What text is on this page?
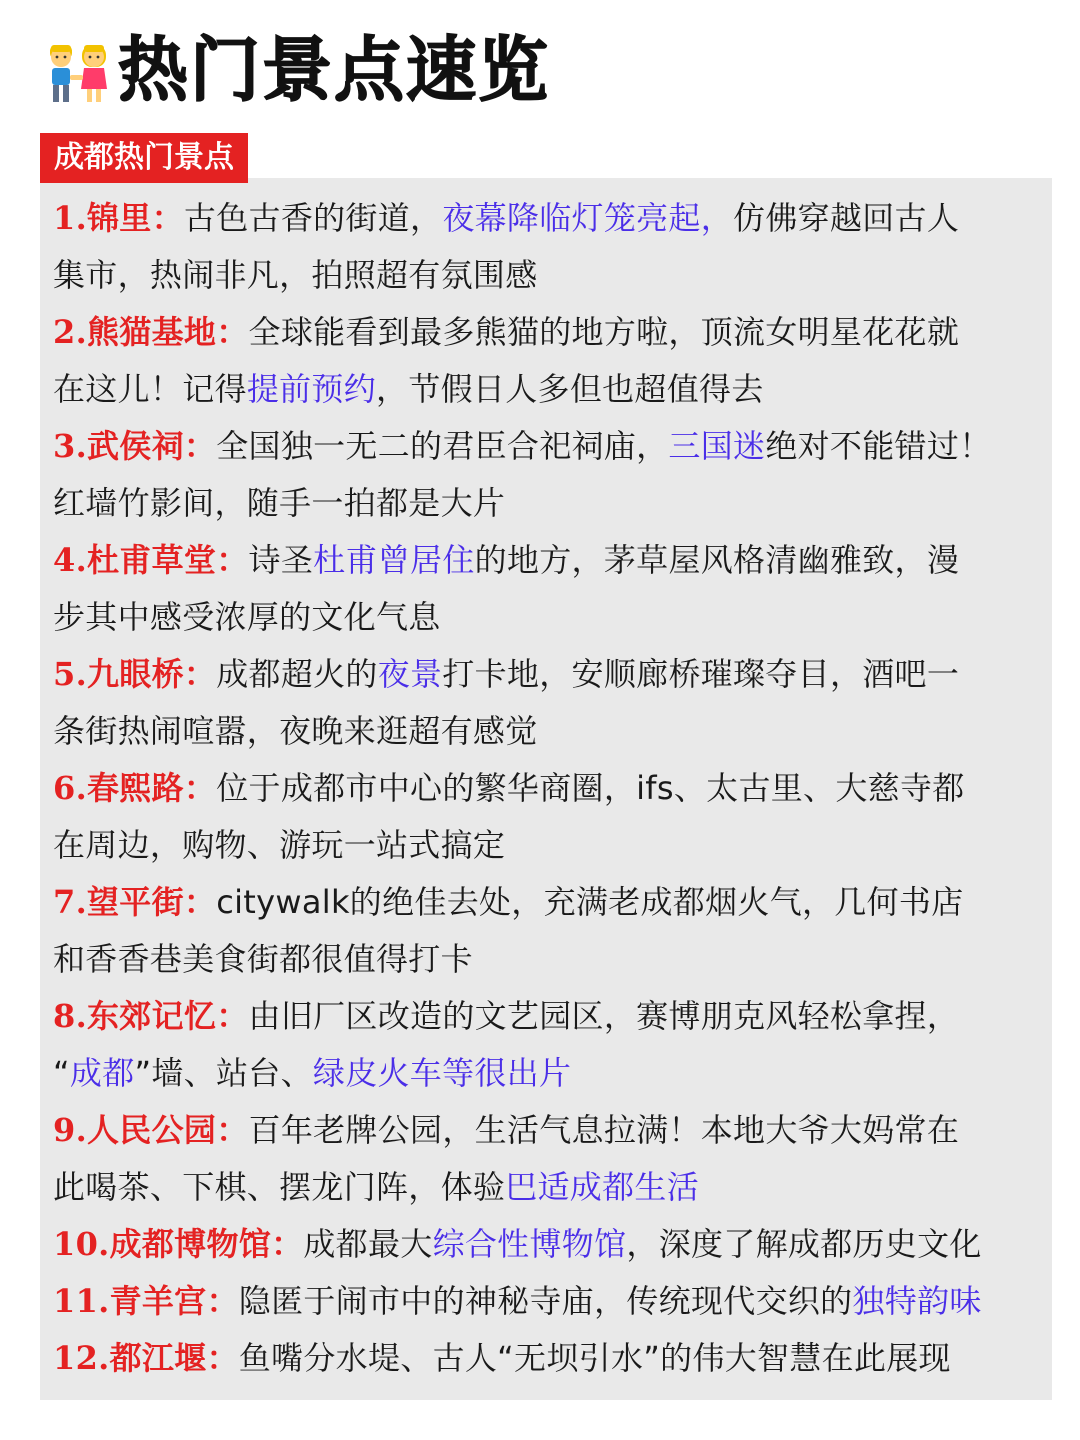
热门景点速览
成都热门景点
1.锦里：古色古香的街道，夜幕降临灯笼亮起，仿佛穿越回古人
集市，热闹非凡，拍照超有氛围感
2.熊猫基地：全球能看到最多熊猫的地方啦，顶流女明星花花就
在这儿！记得提前预约，节假日人多但也超值得去
3.武侯祠：全国独一无二的君臣合祀祠庙，三国迷绝对不能错过！
红墙竹影间，随手一拍都是大片
4.杜甫草堂：诗圣杜甫曾居住的地方，茅草屋风格清幽雅致，漫
步其中感受浓厚的文化气息
5.九眼桥：成都超火的夜景打卡地，安顺廊桥璀璨夺目，酒吧一
条街热闹喧嚣，夜晚来逛超有感觉
6.春熙路：位于成都市中心的繁华商圈，ifs、太古里、大慈寺都
在周边，购物、游玩一站式搞定
7.望平街：citywalk的绝佳去处，充满老成都烟火气，几何书店
和香香巷美食街都很值得打卡
8.东郊记忆：由旧厂区改造的文艺园区，赛博朋克风轻松拿捏，
“成都”墙、站台、绿皮火车等很出片
9.人民公园：百年老牌公园，生活气息拉满！本地大爷大妈常在
此喝茶、下棋、摆龙门阵，体验巴适成都生活
10.成都博物馆：成都最大综合性博物馆，深度了解成都历史文化
11.青羊宫：隐匿于闹市中的神秘寺庙，传统现代交织的独特韵味
12.都江堰：鱼嘴分水堤、古人“无坝引水”的伟大智慧在此展现
